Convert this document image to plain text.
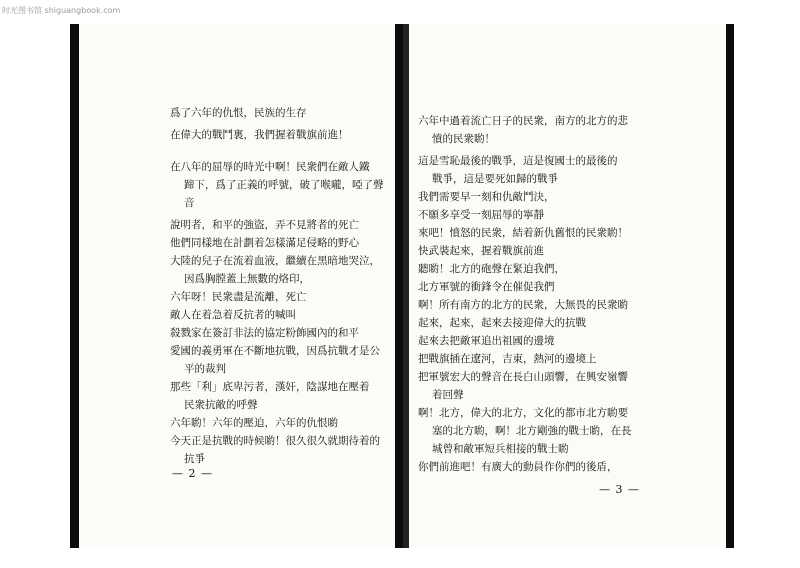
时光图书馆 shiguangbook.com
爲了六年的仇恨，民族的生存
在偉大的戰鬥裏，我們握着戰旗前進！
在八年的屈辱的時光中啊！民衆們在敵人鐵
蹄下，爲了正義的呼號，破了喉嚨，啞了聲
音
說明者，和平的強盜，弄不見將者的死亡
他們同樣地在計劃着怎樣滿足侵略的野心
大陸的兒子在流着血液，繼續在黑暗地哭泣，
因爲胸膛蓋上無數的烙印，
六年呀！民衆盡是流離，死亡
敵人在着急着反抗者的喊叫
殺戮家在簽訂非法的協定粉飾國內的和平
愛國的義勇軍在不斷地抗戰，因爲抗戰才是公
平的裁判
那些「利」底卑污者，漢奸，陰謀地在壓着
民衆抗敵的呼聲
六年喲！六年的壓迫，六年的仇恨喲
今天正是抗戰的時候喲！很久很久就期待着的
抗爭
— 2 —
六年中過着流亡日子的民衆，南方的北方的悲
憤的民衆喲！
這是雪恥最後的戰爭，這是復國士的最後的
戰爭，這是要死如歸的戰爭
我們需要早一刻和仇敵鬥決，
不願多享受一刻屈辱的寧靜
來吧！憤怒的民衆，結着新仇舊恨的民衆喲！
快武裝起來，握着戰旗前進
聽喲！北方的砲聲在緊迫我們，
北方軍號的衝鋒令在催促我們
啊！所有南方的北方的民衆，大無畏的民衆喲
起來，起來，起來去接迎偉大的抗戰
起來去把敵軍追出祖國的邊境
把戰旗插在遼河，吉東，熱河的邊境上
把軍號宏大的聲音在長白山頭響，在興安嶺響
着回聲
啊！北方，偉大的北方，文化的都市北方喲要
塞的北方喲，啊！北方剛強的戰士喲，在長
城曾和敵軍短兵相接的戰士喲
你們前進吧！有廣大的動員作你們的後盾，
— 3 —
